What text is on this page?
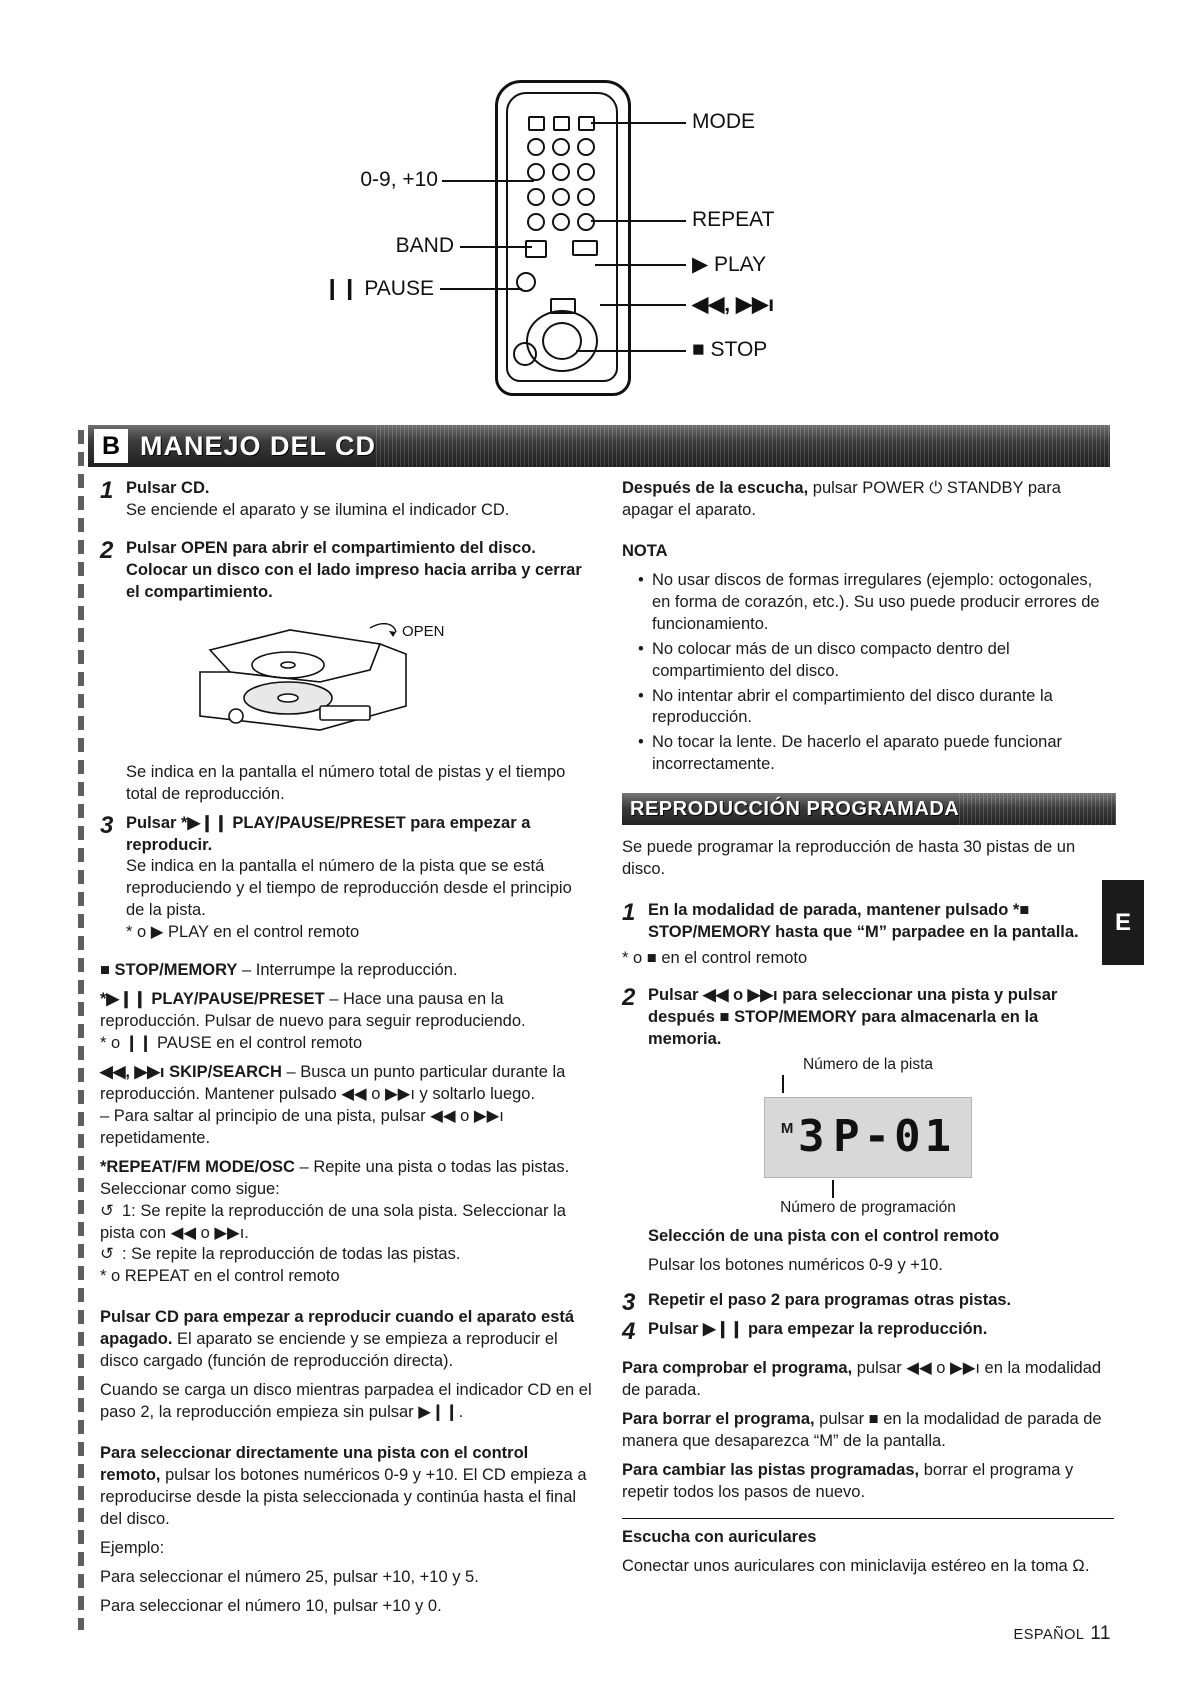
MODE
REPEAT
▶ PLAY
◀◀, ▶▶ı
■ STOP
0-9, +10
BAND
❙❙ PAUSE
B MANEJO DEL CD
1 Pulsar CD.
Se enciende el aparato y se ilumina el indicador CD.
2 Pulsar OPEN para abrir el compartimiento del disco. Colocar un disco con el lado impreso hacia arriba y cerrar el compartimiento.
OPEN

Se indica en la pantalla el número total de pistas y el tiempo total de reproducción.

3 Pulsar *▶❙❙ PLAY/PAUSE/PRESET para empezar a reproducir.
Se indica en la pantalla el número de la pista que se está reproduciendo y el tiempo de reproducción desde el principio de la pista.
* o ▶ PLAY en el control remoto

■ STOP/MEMORY – Interrumpe la reproducción.

*▶❙❙ PLAY/PAUSE/PRESET – Hace una pausa en la reproducción. Pulsar de nuevo para seguir reproduciendo.
* o ❙❙ PAUSE en el control remoto

◀◀, ▶▶ı SKIP/SEARCH – Busca un punto particular durante la reproducción. Mantener pulsado ◀◀ o ▶▶ı y soltarlo luego.
– Para saltar al principio de una pista, pulsar ◀◀ o ▶▶ı repetidamente.

*REPEAT/FM MODE/OSC – Repite una pista o todas las pistas. Seleccionar como sigue:
↺ 1: Se repite la reproducción de una sola pista. Seleccionar la pista con ◀◀ o ▶▶ı.
↺ : Se repite la reproducción de todas las pistas.
* o REPEAT en el control remoto

Pulsar CD para empezar a reproducir cuando el aparato está apagado. El aparato se enciende y se empieza a reproducir el disco cargado (función de reproducción directa).

Cuando se carga un disco mientras parpadea el indicador CD en el paso 2, la reproducción empieza sin pulsar ▶❙❙.

Para seleccionar directamente una pista con el control remoto, pulsar los botones numéricos 0-9 y +10. El CD empieza a reproducirse desde la pista seleccionada y continúa hasta el final del disco.

Ejemplo:

Para seleccionar el número 25, pulsar +10, +10 y 5.

Para seleccionar el número 10, pulsar +10 y 0.

Después de la escucha, pulsar POWER ⏻ STANDBY para apagar el aparato.

NOTA

• No usar discos de formas irregulares (ejemplo: octogonales, en forma de corazón, etc.). Su uso puede producir errores de funcionamiento.
• No colocar más de un disco compacto dentro del compartimiento del disco.
• No intentar abrir el compartimiento del disco durante la reproducción.
• No tocar la lente. De hacerlo el aparato puede funcionar incorrectamente.
REPRODUCCIÓN PROGRAMADA

Se puede programar la reproducción de hasta 30 pistas de un disco.

1 En la modalidad de parada, mantener pulsado *■ STOP/MEMORY hasta que “M” parpadee en la pantalla.

* o ■ en el control remoto

2 Pulsar ◀◀ o ▶▶ı para seleccionar una pista y pulsar después ■ STOP/MEMORY para almacenarla en la memoria.
Número de la pista
M 3 P-01
Número de programación

Selección de una pista con el control remoto

Pulsar los botones numéricos 0-9 y +10.

3 Repetir el paso 2 para programas otras pistas.
4 Pulsar ▶❙❙ para empezar la reproducción.

Para comprobar el programa, pulsar ◀◀ o ▶▶ı en la modalidad de parada.

Para borrar el programa, pulsar ■ en la modalidad de parada de manera que desaparezca “M” de la pantalla.

Para cambiar las pistas programadas, borrar el programa y repetir todos los pasos de nuevo.

Escucha con auriculares

Conectar unos auriculares con miniclavija estéreo en la toma Ω.

E
ESPAÑOL 11
